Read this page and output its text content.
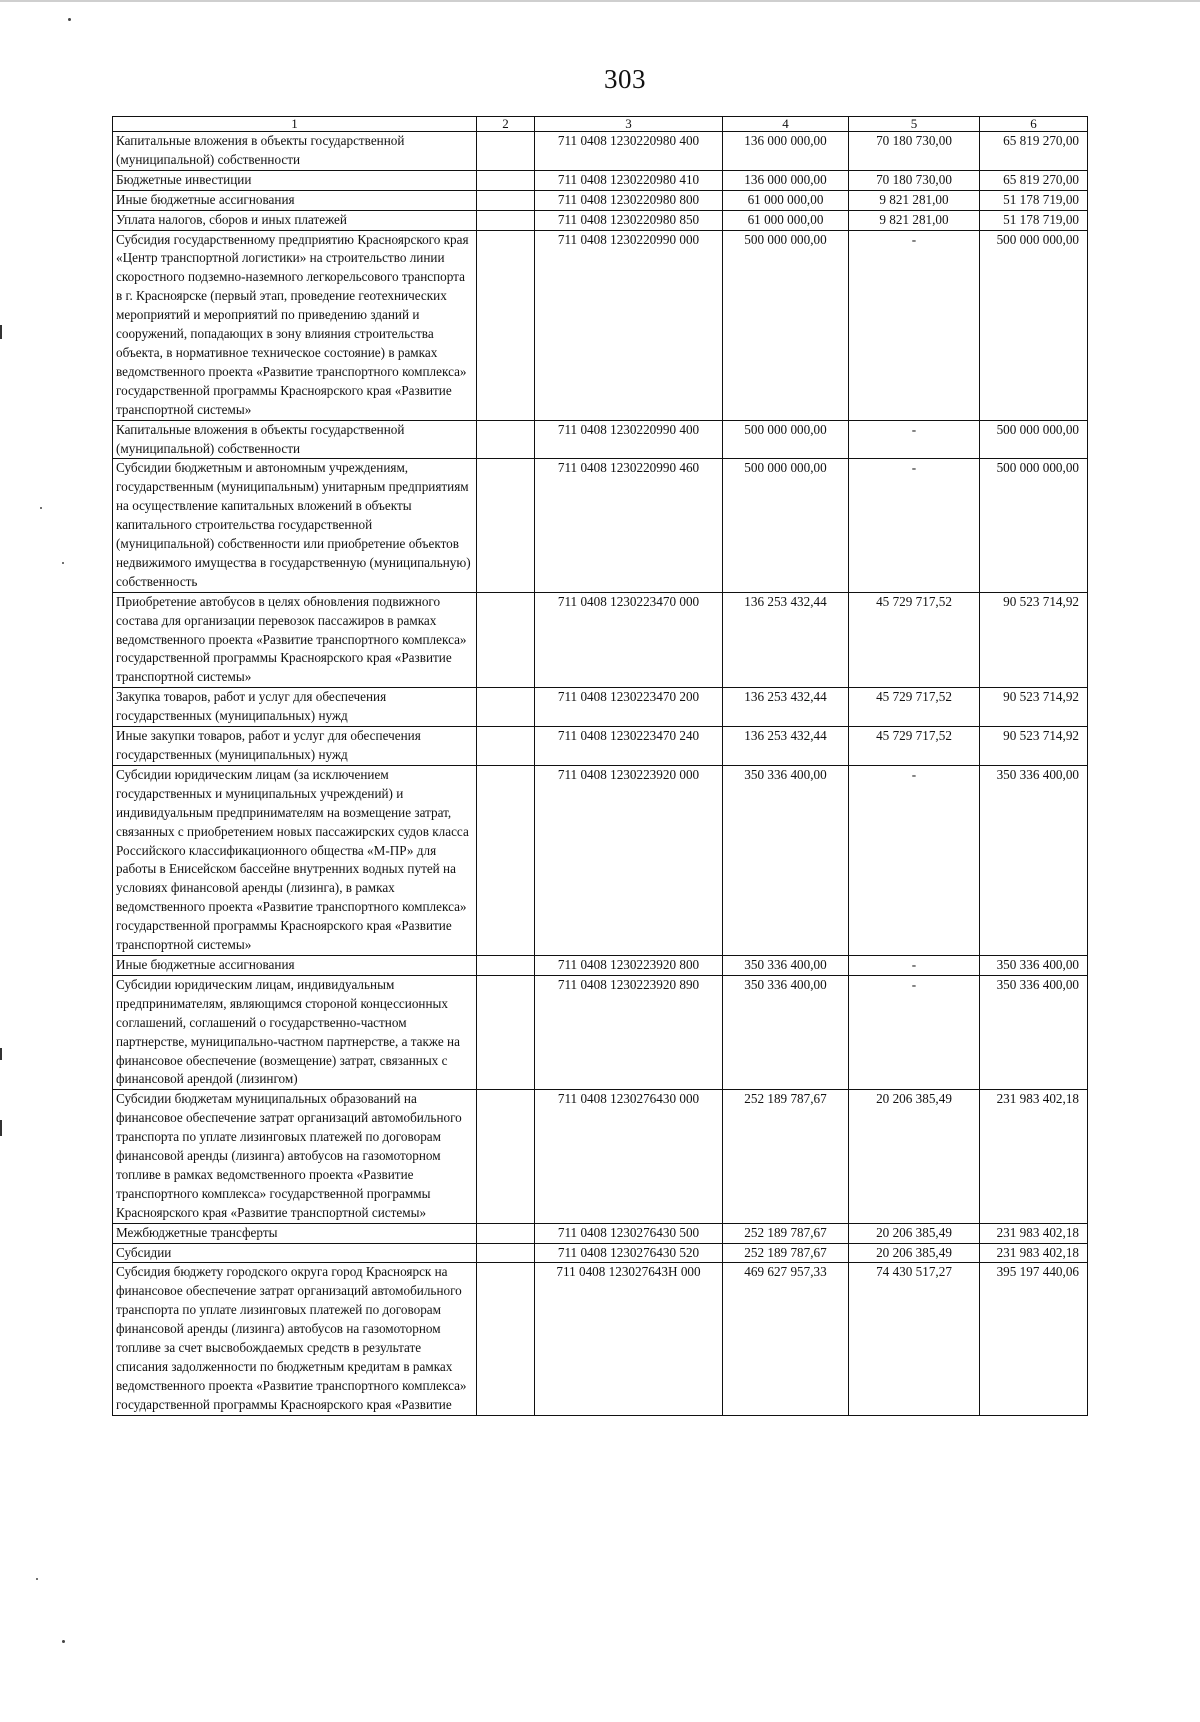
303
1	2	3	4	5	6
Капитальные вложения в объекты государственной (муниципальной) собственности		711 0408 1230220980 400	136 000 000,00	70 180 730,00	65 819 270,00
Бюджетные инвестиции		711 0408 1230220980 410	136 000 000,00	70 180 730,00	65 819 270,00
Иные бюджетные ассигнования		711 0408 1230220980 800	61 000 000,00	9 821 281,00	51 178 719,00
Уплата налогов, сборов и иных платежей		711 0408 1230220980 850	61 000 000,00	9 821 281,00	51 178 719,00
Субсидия государственному предприятию Красноярского края «Центр транспортной логистики» на строительство линии скоростного подземно-наземного легкорельсового транспорта в г. Красноярске (первый этап, проведение геотехнических мероприятий и мероприятий по приведению зданий и сооружений, попадающих в зону влияния строительства объекта, в нормативное техническое состояние) в рамках ведомственного проекта «Развитие транспортного комплекса» государственной программы Красноярского края «Развитие транспортной системы»		711 0408 1230220990 000	500 000 000,00	-	500 000 000,00
Капитальные вложения в объекты государственной (муниципальной) собственности		711 0408 1230220990 400	500 000 000,00	-	500 000 000,00
Субсидии бюджетным и автономным учреждениям, государственным (муниципальным) унитарным предприятиям на осуществление капитальных вложений в объекты капитального строительства государственной (муниципальной) собственности или приобретение объектов недвижимого имущества в государственную (муниципальную) собственность		711 0408 1230220990 460	500 000 000,00	-	500 000 000,00
Приобретение автобусов в целях обновления подвижного состава для организации перевозок пассажиров в рамках ведомственного проекта «Развитие транспортного комплекса» государственной программы Красноярского края «Развитие транспортной системы»		711 0408 1230223470 000	136 253 432,44	45 729 717,52	90 523 714,92
Закупка товаров, работ и услуг для обеспечения государственных (муниципальных) нужд		711 0408 1230223470 200	136 253 432,44	45 729 717,52	90 523 714,92
Иные закупки товаров, работ и услуг для обеспечения государственных (муниципальных) нужд		711 0408 1230223470 240	136 253 432,44	45 729 717,52	90 523 714,92
Субсидии юридическим лицам (за исключением государственных и муниципальных учреждений) и индивидуальным предпринимателям на возмещение затрат, связанных с приобретением новых пассажирских судов класса Российского классификационного общества «М-ПР» для работы в Енисейском бассейне внутренних водных путей на условиях финансовой аренды (лизинга), в рамках ведомственного проекта «Развитие транспортного комплекса» государственной программы Красноярского края «Развитие транспортной системы»		711 0408 1230223920 000	350 336 400,00	-	350 336 400,00
Иные бюджетные ассигнования		711 0408 1230223920 800	350 336 400,00	-	350 336 400,00
Субсидии юридическим лицам, индивидуальным предпринимателям, являющимся стороной концессионных соглашений, соглашений о государственно-частном партнерстве, муниципально-частном партнерстве, а также на финансовое обеспечение (возмещение) затрат, связанных с финансовой арендой (лизингом)		711 0408 1230223920 890	350 336 400,00	-	350 336 400,00
Субсидии бюджетам муниципальных образований на финансовое обеспечение затрат организаций автомобильного транспорта по уплате лизинговых платежей по договорам финансовой аренды (лизинга) автобусов на газомоторном топливе в рамках ведомственного проекта «Развитие транспортного комплекса» государственной программы Красноярского края «Развитие транспортной системы»		711 0408 1230276430 000	252 189 787,67	20 206 385,49	231 983 402,18
Межбюджетные трансферты		711 0408 1230276430 500	252 189 787,67	20 206 385,49	231 983 402,18
Субсидии		711 0408 1230276430 520	252 189 787,67	20 206 385,49	231 983 402,18
Субсидия бюджету городского округа город Красноярск на финансовое обеспечение затрат организаций автомобильного транспорта по уплате лизинговых платежей по договорам финансовой аренды (лизинга) автобусов на газомоторном топливе за счет высвобождаемых средств в результате списания задолженности по бюджетным кредитам в рамках ведомственного проекта «Развитие транспортного комплекса» государственной программы Красноярского края «Развитие		711 0408 123027643Н 000	469 627 957,33	74 430 517,27	395 197 440,06
